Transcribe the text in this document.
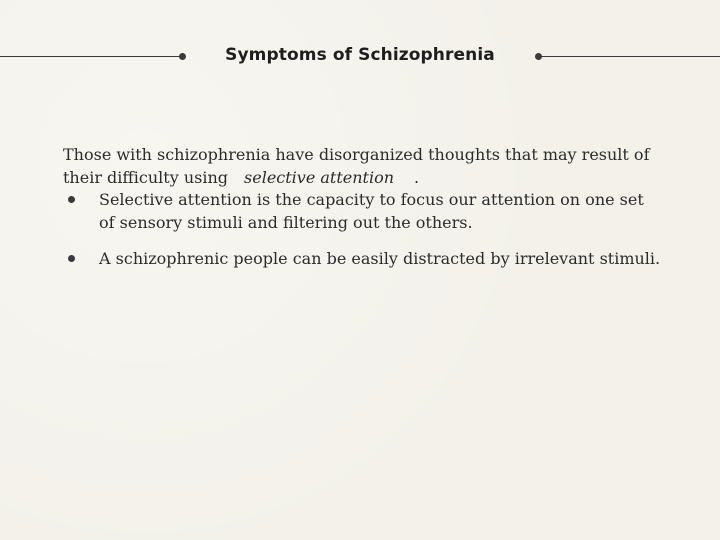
Symptoms of Schizophrenia

Those with schizophrenia have disorganized thoughts that may result of their difficulty using selective attention .

Selective attention is the capacity to focus our attention on one set of sensory stimuli and filtering out the others.
A schizophrenic people can be easily distracted by irrelevant stimuli.
